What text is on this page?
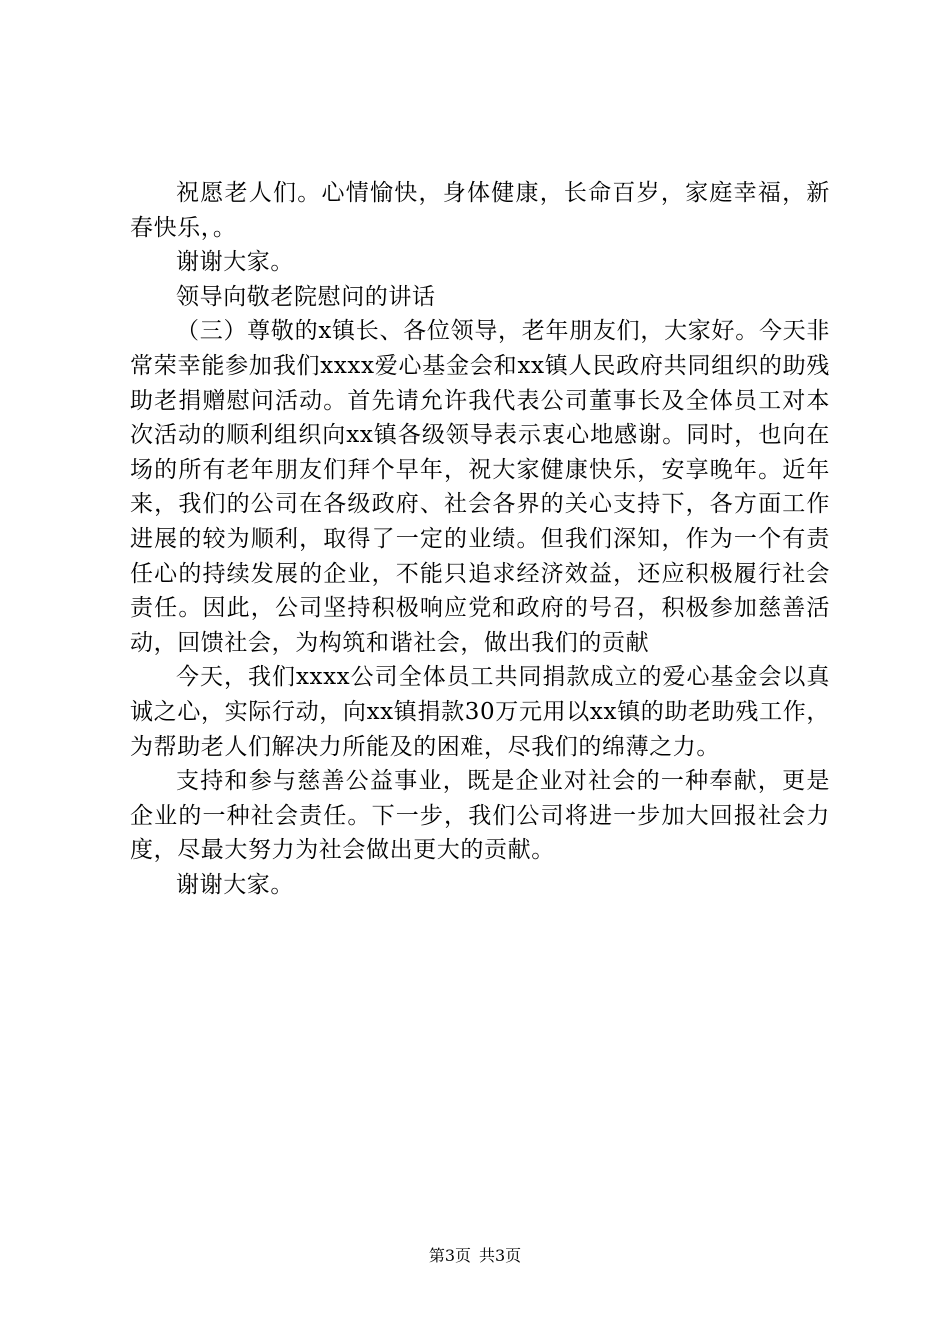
祝愿老人们。心情愉快，身体健康，长命百岁，家庭幸福，新春快乐，。

谢谢大家。

领导向敬老院慰问的讲话

（三）尊敬的x镇长、各位领导，老年朋友们，大家好。今天非常荣幸能参加我们xxxx爱心基金会和xx镇人民政府共同组织的助残助老捐赠慰问活动。首先请允许我代表公司董事长及全体员工对本次活动的顺利组织向xx镇各级领导表示衷心地感谢。同时，也向在场的所有老年朋友们拜个早年，祝大家健康快乐，安享晚年。近年来，我们的公司在各级政府、社会各界的关心支持下，各方面工作进展的较为顺利，取得了一定的业绩。但我们深知，作为一个有责任心的持续发展的企业，不能只追求经济效益，还应积极履行社会责任。因此，公司坚持积极响应党和政府的号召，积极参加慈善活动，回馈社会，为构筑和谐社会，做出我们的贡献

今天，我们xxxx公司全体员工共同捐款成立的爱心基金会以真诚之心，实际行动，向xx镇捐款30万元用以xx镇的助老助残工作，为帮助老人们解决力所能及的困难，尽我们的绵薄之力。

支持和参与慈善公益事业，既是企业对社会的一种奉献，更是企业的一种社会责任。下一步，我们公司将进一步加大回报社会力度，尽最大努力为社会做出更大的贡献。

谢谢大家。

第3页 共3页
